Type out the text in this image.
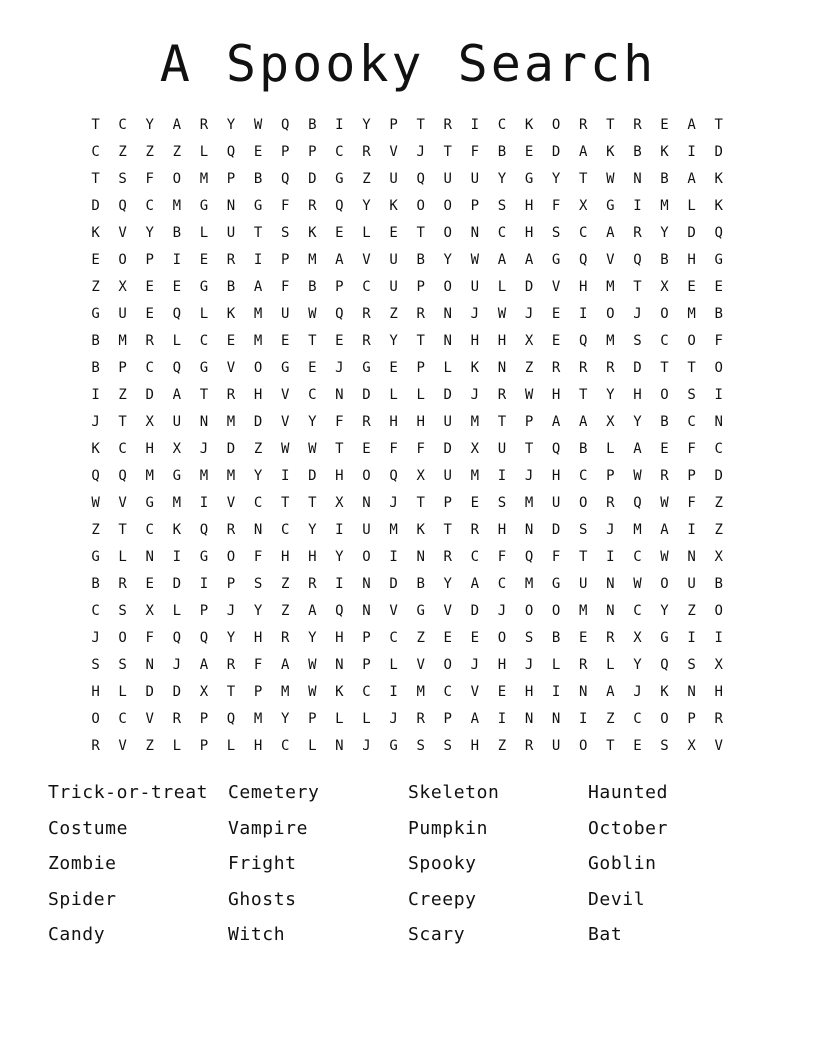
A Spooky Search
T	C	Y	A	R	Y	W	Q	B	I	Y	P	T	R	I	C	K	O	R	T	R	E	A	T
C	Z	Z	Z	L	Q	E	P	P	C	R	V	J	T	F	B	E	D	A	K	B	K	I	D
T	S	F	O	M	P	B	Q	D	G	Z	U	Q	U	U	Y	G	Y	T	W	N	B	A	K
D	Q	C	M	G	N	G	F	R	Q	Y	K	O	O	P	S	H	F	X	G	I	M	L	K
K	V	Y	B	L	U	T	S	K	E	L	E	T	O	N	C	H	S	C	A	R	Y	D	Q
E	O	P	I	E	R	I	P	M	A	V	U	B	Y	W	A	A	G	Q	V	Q	B	H	G
Z	X	E	E	G	B	A	F	B	P	C	U	P	O	U	L	D	V	H	M	T	X	E	E
G	U	E	Q	L	K	M	U	W	Q	R	Z	R	N	J	W	J	E	I	O	J	O	M	B
B	M	R	L	C	E	M	E	T	E	R	Y	T	N	H	H	X	E	Q	M	S	C	O	F
B	P	C	Q	G	V	O	G	E	J	G	E	P	L	K	N	Z	R	R	R	D	T	T	O
I	Z	D	A	T	R	H	V	C	N	D	L	L	D	J	R	W	H	T	Y	H	O	S	I
J	T	X	U	N	M	D	V	Y	F	R	H	H	U	M	T	P	A	A	X	Y	B	C	N
K	C	H	X	J	D	Z	W	W	T	E	F	F	D	X	U	T	Q	B	L	A	E	F	C
Q	Q	M	G	M	M	Y	I	D	H	O	Q	X	U	M	I	J	H	C	P	W	R	P	D
W	V	G	M	I	V	C	T	T	X	N	J	T	P	E	S	M	U	O	R	Q	W	F	Z
Z	T	C	K	Q	R	N	C	Y	I	U	M	K	T	R	H	N	D	S	J	M	A	I	Z
G	L	N	I	G	O	F	H	H	Y	O	I	N	R	C	F	Q	F	T	I	C	W	N	X
B	R	E	D	I	P	S	Z	R	I	N	D	B	Y	A	C	M	G	U	N	W	O	U	B
C	S	X	L	P	J	Y	Z	A	Q	N	V	G	V	D	J	O	O	M	N	C	Y	Z	O
J	O	F	Q	Q	Y	H	R	Y	H	P	C	Z	E	E	O	S	B	E	R	X	G	I	I
S	S	N	J	A	R	F	A	W	N	P	L	V	O	J	H	J	L	R	L	Y	Q	S	X
H	L	D	D	X	T	P	M	W	K	C	I	M	C	V	E	H	I	N	A	J	K	N	H
O	C	V	R	P	Q	M	Y	P	L	L	J	R	P	A	I	N	N	I	Z	C	O	P	R
R	V	Z	L	P	L	H	C	L	N	J	G	S	S	H	Z	R	U	O	T	E	S	X	V
Trick-or-treat	Cemetery	Skeleton	Haunted
Costume	Vampire	Pumpkin	October
Zombie	Fright	Spooky	Goblin
Spider	Ghosts	Creepy	Devil
Candy	Witch	Scary	Bat
